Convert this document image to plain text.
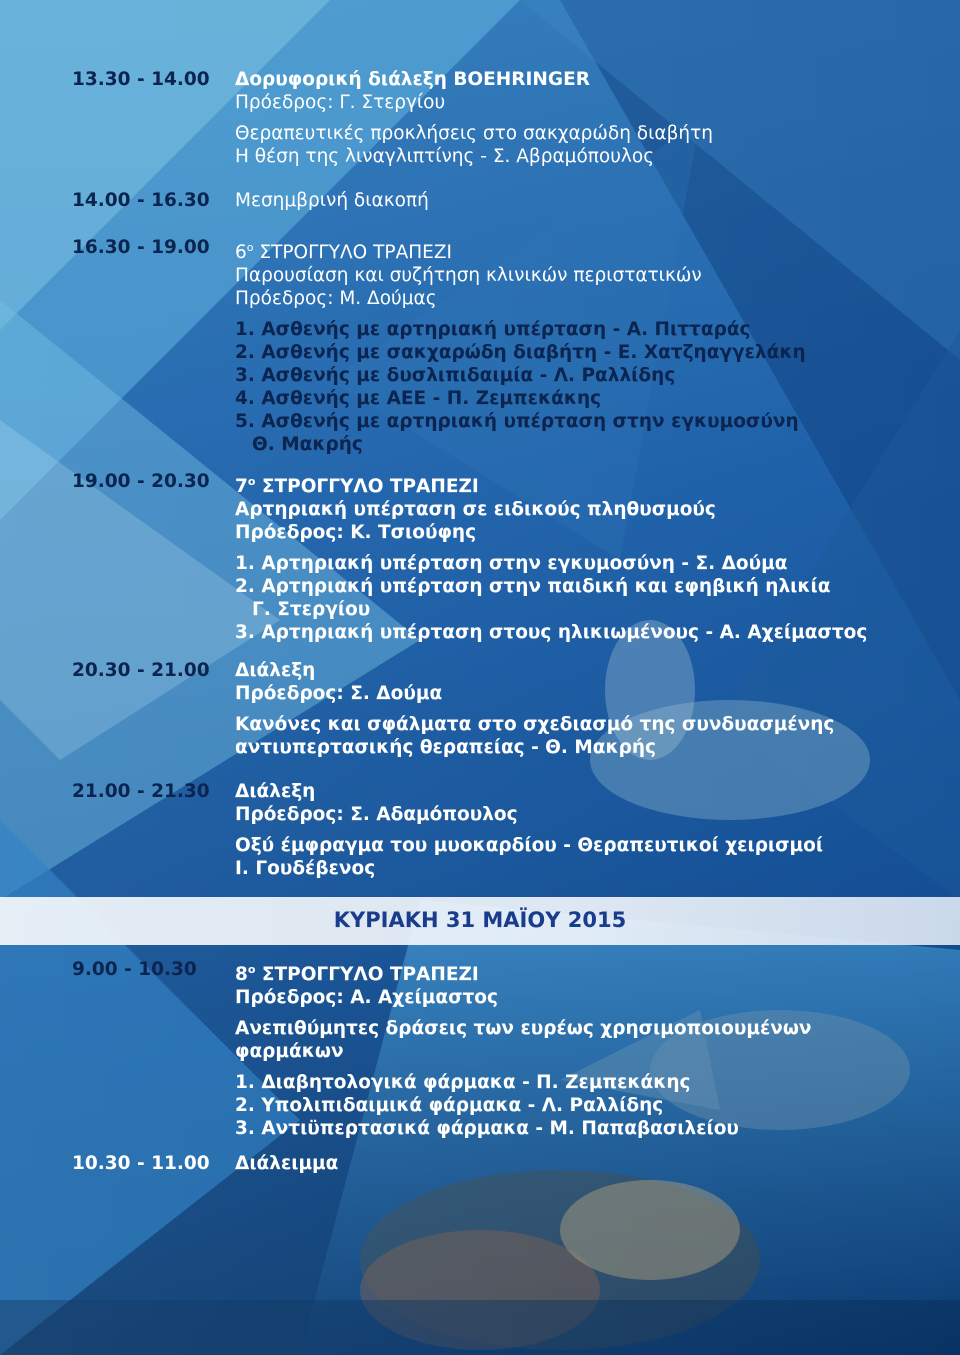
ΚΥΡΙΑΚΗ 31 ΜΑΪΟΥ 2015
13.30 - 14.00	Δορυφορική διάλεξη BOEHRINGER
Πρόεδρος: Γ. Στεργίου
Θεραπευτικές προκλήσεις στο σακχαρώδη διαβήτη
Η θέση της λιναγλιπτίνης - Σ. Αβραμόπουλος
14.00 - 16.30	Μεσημβρινή διακοπή
16.30 - 19.00	$6^o$ ΣΤΡΟΓΓΥΛΟ ΤΡΑΠΕΖΙ
Παρουσίαση και συζήτηση κλινικών περιστατικών
Πρόεδρος: Μ. Δούμας
1. Ασθενής με αρτηριακή υπέρταση - Α. Πιτταράς
2. Ασθενής με σακχαρώδη διαβήτη - Ε. Χατζηαγγελάκη
3. Ασθενής με δυσλιπιδαιμία - Λ. Ραλλίδης
4. Ασθενής με ΑΕΕ - Π. Ζεμπεκάκης
5. Ασθενής με αρτηριακή υπέρταση στην εγκυμοσύνη
Θ. Μακρής
19.00 - 20.30	$7^o$ ΣΤΡΟΓΓΥΛΟ ΤΡΑΠΕΖΙ
Αρτηριακή υπέρταση σε ειδικούς πληθυσμούς
Πρόεδρος: Κ. Τσιούφης
1. Αρτηριακή υπέρταση στην εγκυμοσύνη - Σ. Δούμα
2. Αρτηριακή υπέρταση στην παιδική και εφηβική ηλικία
Γ. Στεργίου
3. Αρτηριακή υπέρταση στους ηλικιωμένους - Α. Αχείμαστος
20.30 - 21.00	Διάλεξη
Πρόεδρος: Σ. Δούμα
Κανόνες και σφάλματα στο σχεδιασμό της συνδυασμένης
αντιυπερτασικής θεραπείας - Θ. Μακρής
21.00 - 21.30	Διάλεξη
Πρόεδρος: Σ. Αδαμόπουλος
Οξύ έμφραγμα του μυοκαρδίου - Θεραπευτικοί χειρισμοί
Ι. Γουδέβενος
9.00 - 10.30	$8^o$ ΣΤΡΟΓΓΥΛΟ ΤΡΑΠΕΖΙ
Πρόεδρος: Α. Αχείμαστος
Ανεπιθύμητες δράσεις των ευρέως χρησιμοποιουμένων
φαρμάκων
1. Διαβητολογικά φάρμακα - Π. Ζεμπεκάκης
2. Υπολιπιδαιμικά φάρμακα - Λ. Ραλλίδης
3. Αντιϋπερτασικά φάρμακα - Μ. Παπαβασιλείου
10.30 - 11.00	Διάλειμμα
